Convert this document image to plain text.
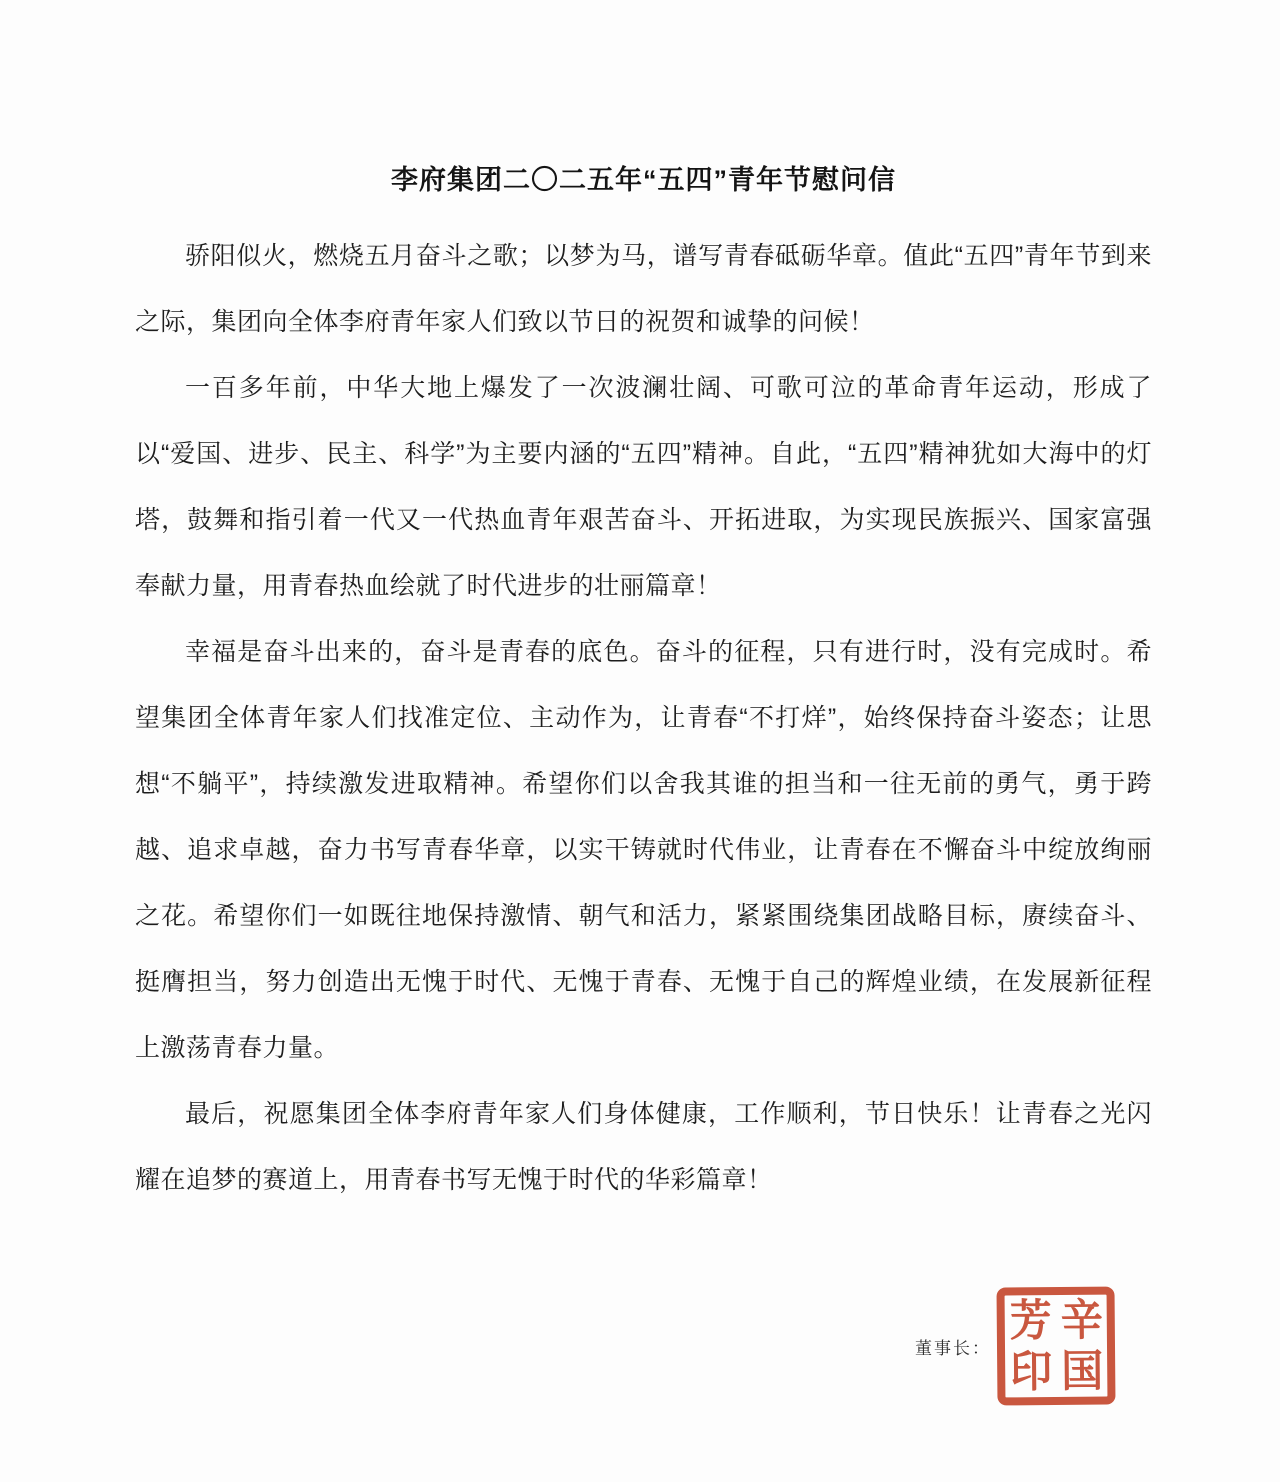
李府集团二〇二五年“五四”青年节慰问信

骄阳似火，燃烧五月奋斗之歌；以梦为马，谱写青春砥砺华章。值此“五四”青年节到来之际，集团向全体李府青年家人们致以节日的祝贺和诚挚的问候！

一百多年前，中华大地上爆发了一次波澜壮阔、可歌可泣的革命青年运动，形成了以“爱国、进步、民主、科学”为主要内涵的“五四”精神。自此，“五四”精神犹如大海中的灯塔，鼓舞和指引着一代又一代热血青年艰苦奋斗、开拓进取，为实现民族振兴、国家富强奉献力量，用青春热血绘就了时代进步的壮丽篇章！

幸福是奋斗出来的，奋斗是青春的底色。奋斗的征程，只有进行时，没有完成时。希望集团全体青年家人们找准定位、主动作为，让青春“不打烊”，始终保持奋斗姿态；让思想“不躺平”，持续激发进取精神。希望你们以舍我其谁的担当和一往无前的勇气，勇于跨越、追求卓越，奋力书写青春华章，以实干铸就时代伟业，让青春在不懈奋斗中绽放绚丽之花。希望你们一如既往地保持激情、朝气和活力，紧紧围绕集团战略目标，赓续奋斗、挺膺担当，努力创造出无愧于时代、无愧于青春、无愧于自己的辉煌业绩，在发展新征程上激荡青春力量。

最后，祝愿集团全体李府青年家人们身体健康，工作顺利，节日快乐！让青春之光闪耀在追梦的赛道上，用青春书写无愧于时代的华彩篇章！

董事长：
芳 辛
印 国
